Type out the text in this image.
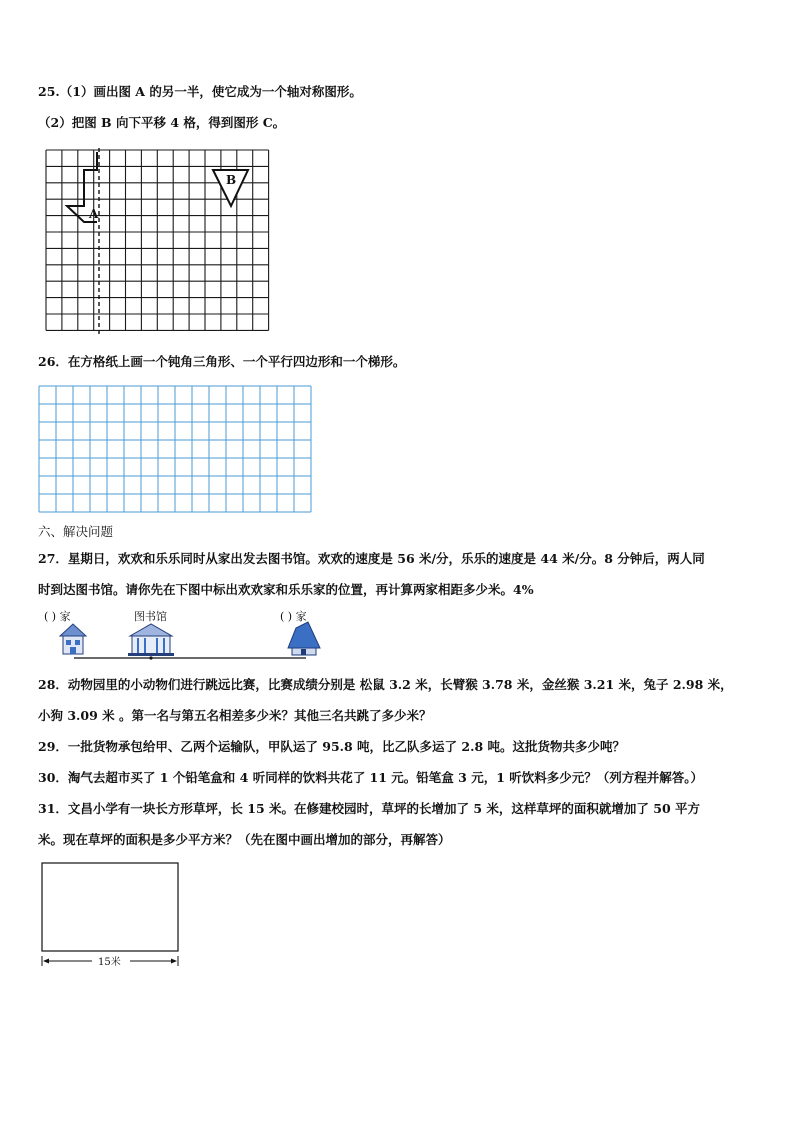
25.（1）画出图 A 的另一半，使它成为一个轴对称图形。
（2）把图 B 向下平移 4 格，得到图形 C。
A
B
26．在方格纸上画一个钝角三角形、一个平行四边形和一个梯形。
六、解决问题
27．星期日，欢欢和乐乐同时从家出发去图书馆。欢欢的速度是 56 米/分，乐乐的速度是 44 米/分。8 分钟后，两人同
时到达图书馆。请你先在下图中标出欢欢家和乐乐家的位置，再计算两家相距多少米。4%
( ) 家	图书馆	( ) 家
28．动物园里的小动物们进行跳远比赛，比赛成绩分别是 松鼠 3.2 米，长臂猴 3.78 米，金丝猴 3.21 米，兔子 2.98 米，
小狗 3.09 米 。第一名与第五名相差多少米？其他三名共跳了多少米？
29．一批货物承包给甲、乙两个运输队，甲队运了 95.8 吨，比乙队多运了 2.8 吨。这批货物共多少吨？
30．淘气去超市买了 1 个铅笔盒和 4 听同样的饮料共花了 11 元。铅笔盒 3 元，1 听饮料多少元？（列方程并解答。）
31．文昌小学有一块长方形草坪，长 15 米。在修建校园时，草坪的长增加了 5 米，这样草坪的面积就增加了 50 平方
米。现在草坪的面积是多少平方米？（先在图中画出增加的部分，再解答）
15米
